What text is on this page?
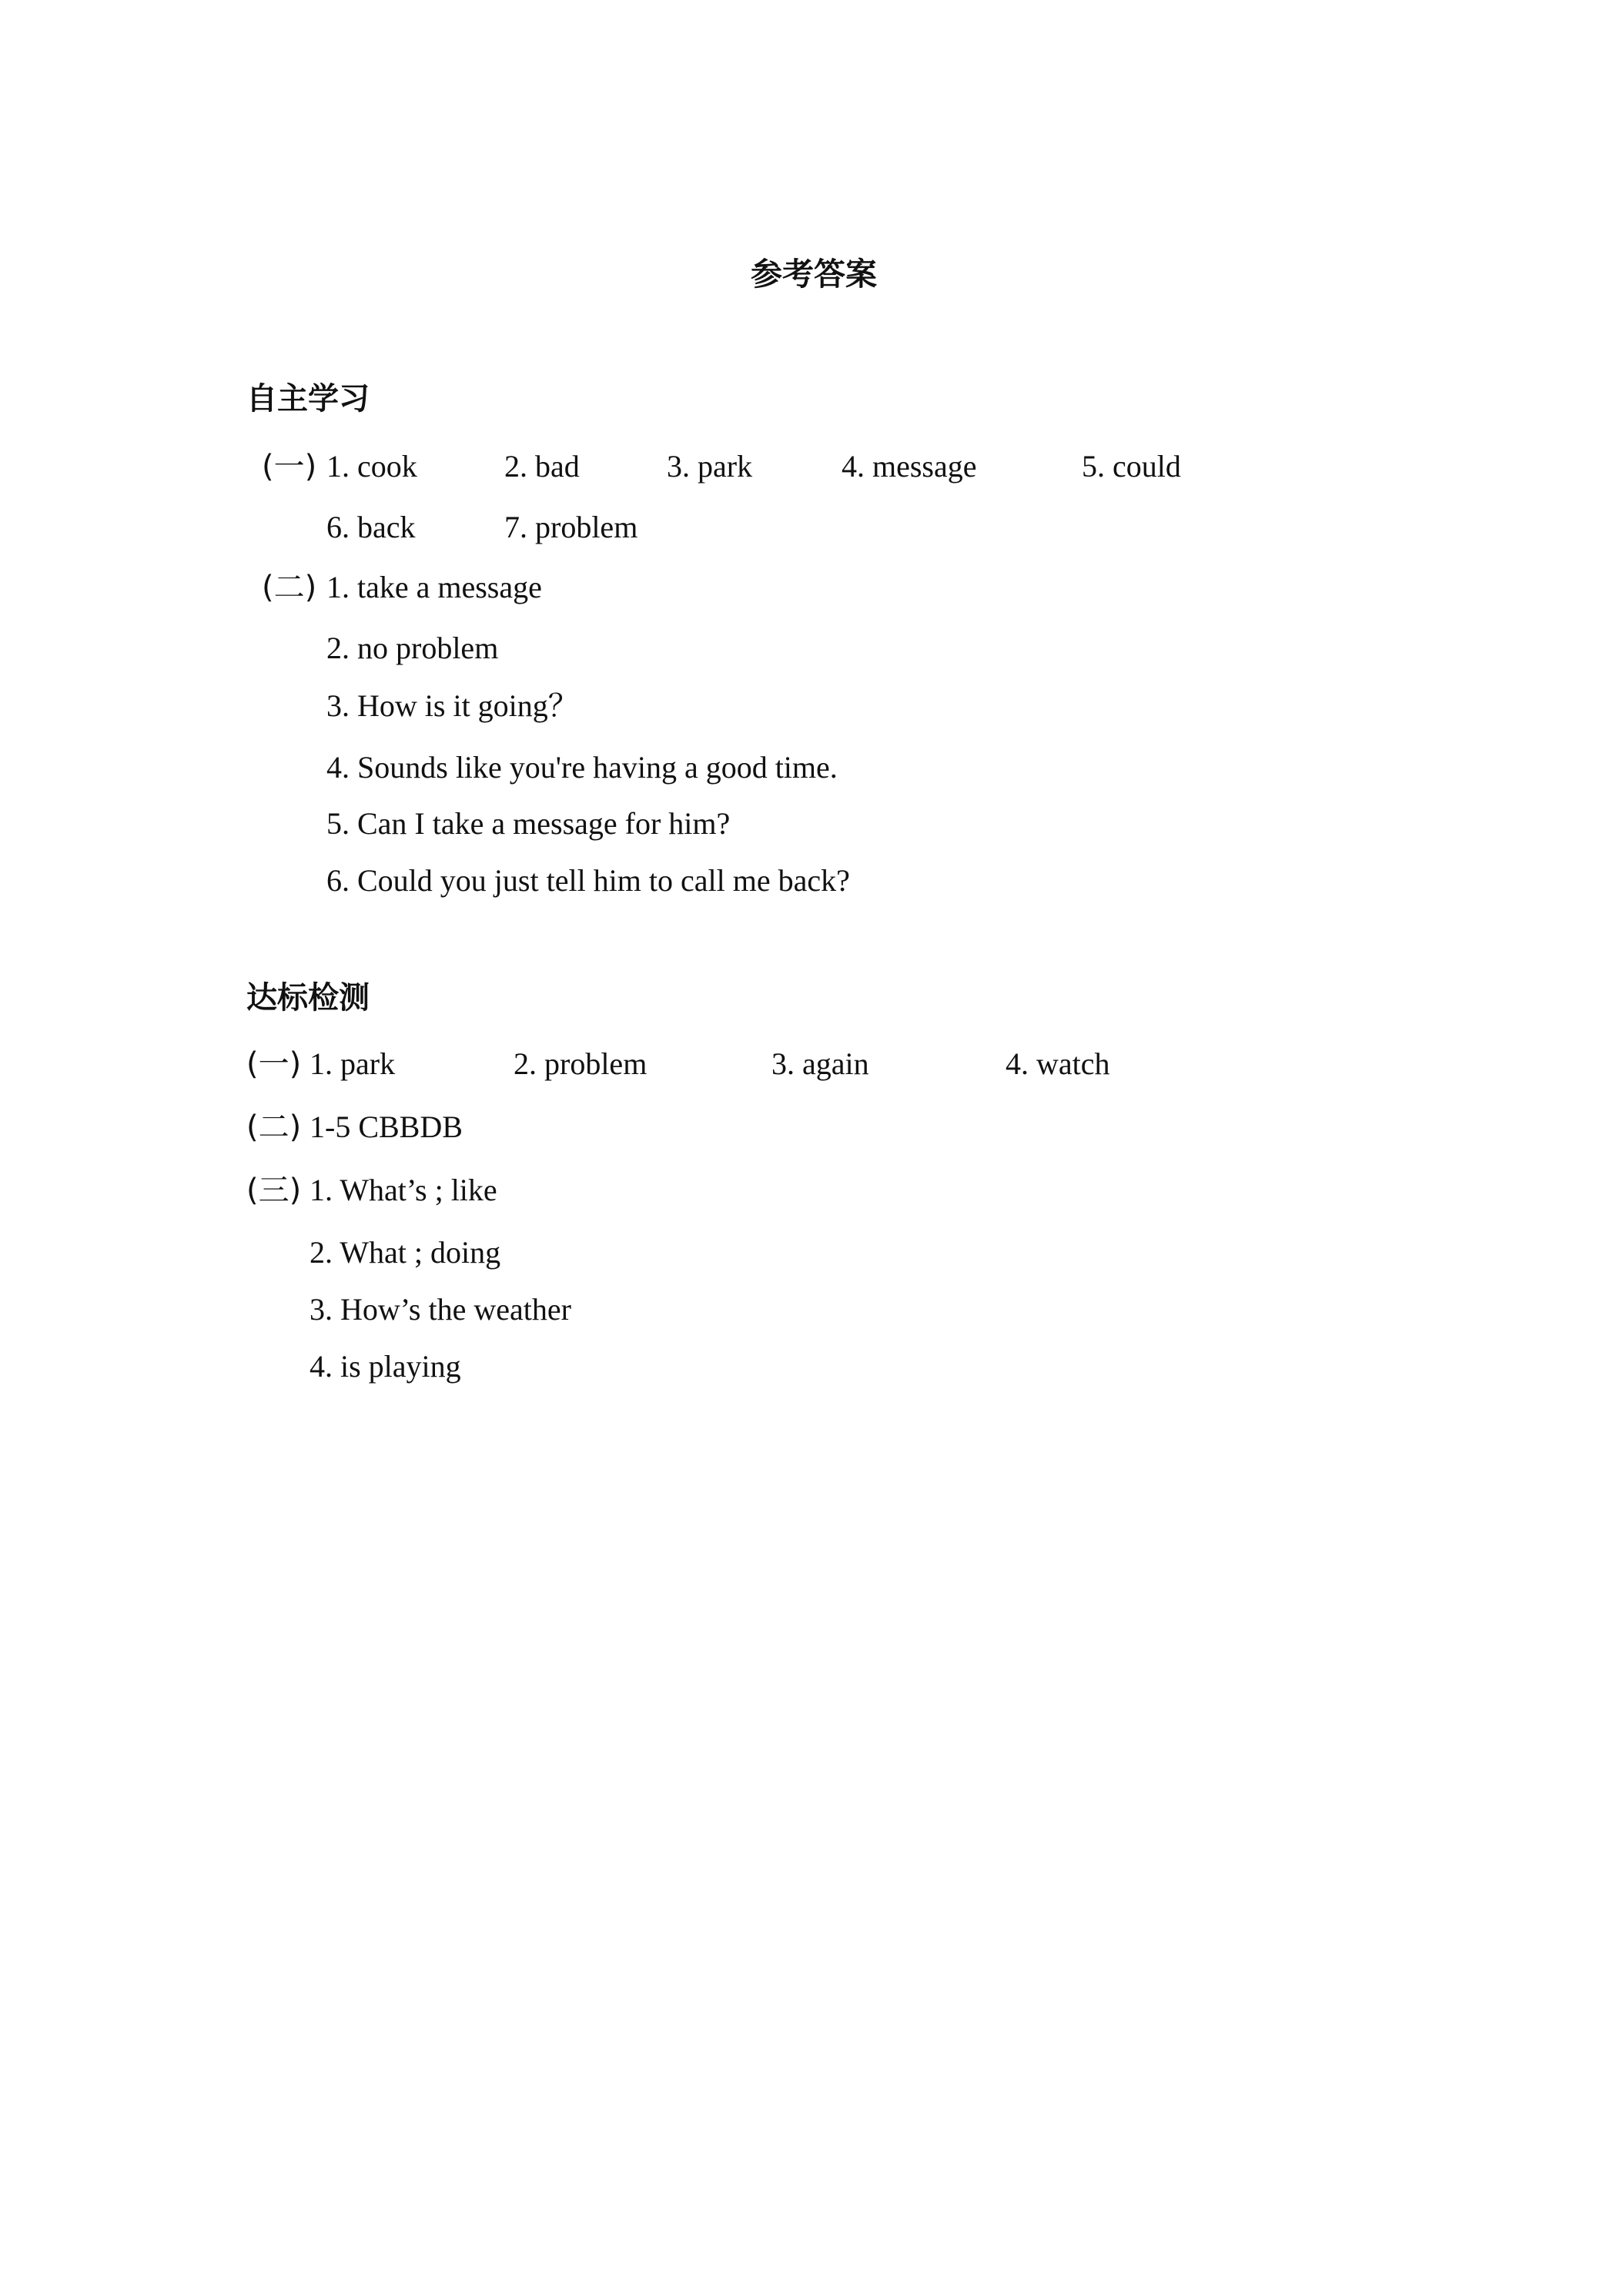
参考答案
自主学习
(一) 1. cook	2. bad	3. park	4. message	5. could
6. back	7. problem
(二) 1. take a message
2. no problem
3. How is it going？
4. Sounds like you're having a good time.
5. Can I take a message for him?
6. Could you just tell him to call me back?
达标检测
(一) 1. park	2. problem	3. again	4. watch
(二) 1-5 CBBDB
(三) 1. What’s ; like
2. What ; doing
3. How’s the weather
4. is playing
